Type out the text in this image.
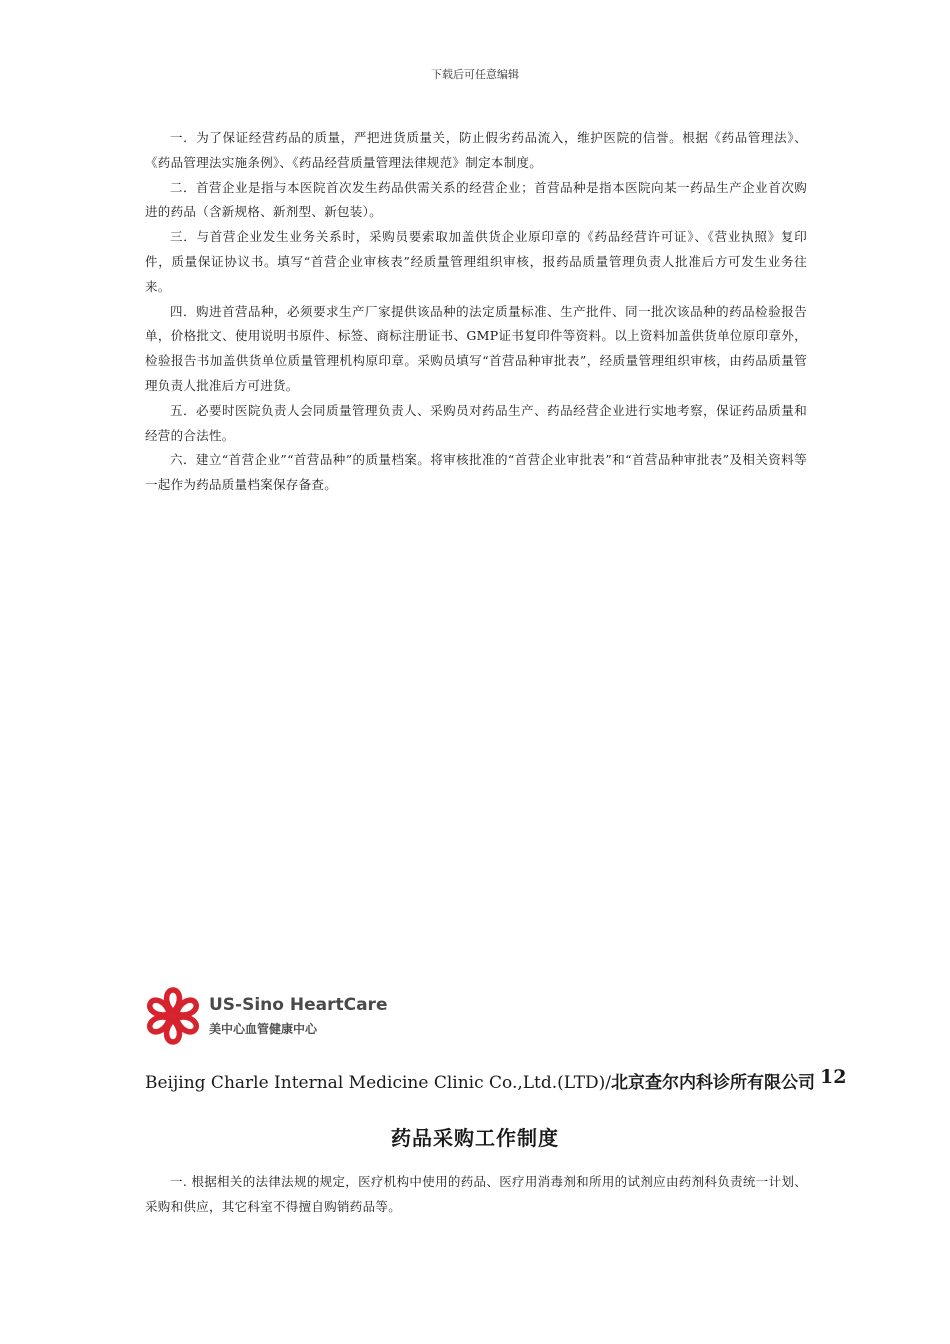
下载后可任意编辑

一．为了保证经营药品的质量，严把进货质量关，防止假劣药品流入，维护医院的信誉。根据《药品管理法》、《药品管理法实施条例》、《药品经营质量管理法律规范》制定本制度。

二．首营企业是指与本医院首次发生药品供需关系的经营企业；首营品种是指本医院向某一药品生产企业首次购进的药品（含新规格、新剂型、新包装）。

三．与首营企业发生业务关系时，采购员要索取加盖供货企业原印章的《药品经营许可证》、《营业执照》复印件，质量保证协议书。填写“首营企业审核表”经质量管理组织审核，报药品质量管理负责人批准后方可发生业务往来。

四．购进首营品种，必须要求生产厂家提供该品种的法定质量标准、生产批件、同一批次该品种的药品检验报告单，价格批文、使用说明书原件、标签、商标注册证书、GMP证书复印件等资料。以上资料加盖供货单位原印章外，检验报告书加盖供货单位质量管理机构原印章。采购员填写“首营品种审批表”，经质量管理组织审核，由药品质量管理负责人批准后方可进货。

五．必要时医院负责人会同质量管理负责人、采购员对药品生产、药品经营企业进行实地考察，保证药品质量和经营的合法性。

六．建立“首营企业”“首营品种”的质量档案。将审核批准的“首营企业审批表”和“首营品种审批表”及相关资料等一起作为药品质量档案保存备查。

US-Sino HeartCare
美中心血管健康中心
Beijing Charle Internal Medicine Clinic Co.,Ltd.(LTD)/北京查尔内科诊所有限公司 12
药品采购工作制度

一. 根据相关的法律法规的规定，医疗机构中使用的药品、医疗用消毒剂和所用的试剂应由药剂科负责统一计划、采购和供应，其它科室不得擅自购销药品等。
